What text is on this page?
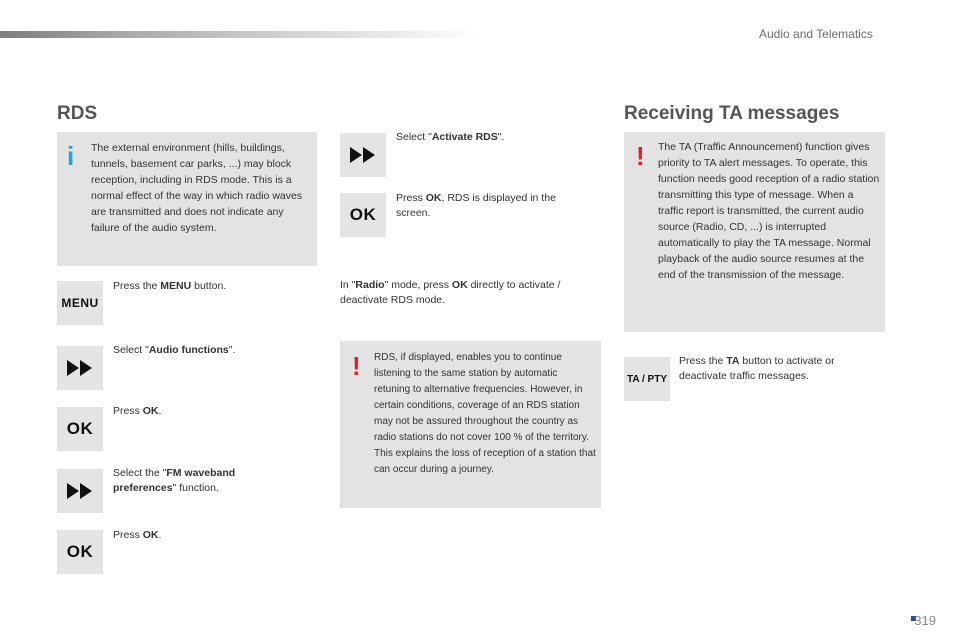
Audio and Telematics
RDS
i The external environment (hills, buildings, tunnels, basement car parks, ...) may block reception, including in RDS mode. This is a normal effect of the way in which radio waves are transmitted and does not indicate any failure of the audio system.

MENU
Press the MENU button.
Select "Audio functions".
OK
Press OK.
Select the "FM waveband preferences" function.
OK
Press OK.
Select "Activate RDS".
OK
Press OK, RDS is displayed in the screen.
In "Radio" mode, press OK directly to activate / deactivate RDS mode.
! RDS, if displayed, enables you to continue listening to the same station by automatic retuning to alternative frequencies. However, in certain conditions, coverage of an RDS station may not be assured throughout the country as radio stations do not cover 100 % of the territory. This explains the loss of reception of a station that can occur during a journey.

Receiving TA messages
! The TA (Traffic Announcement) function gives priority to TA alert messages. To operate, this function needs good reception of a radio station transmitting this type of message. When a traffic report is transmitted, the current audio source (Radio, CD, ...) is interrupted automatically to play the TA message. Normal playback of the audio source resumes at the end of the transmission of the message.

TA / PTY
Press the TA button to activate or deactivate traffic messages.
319
